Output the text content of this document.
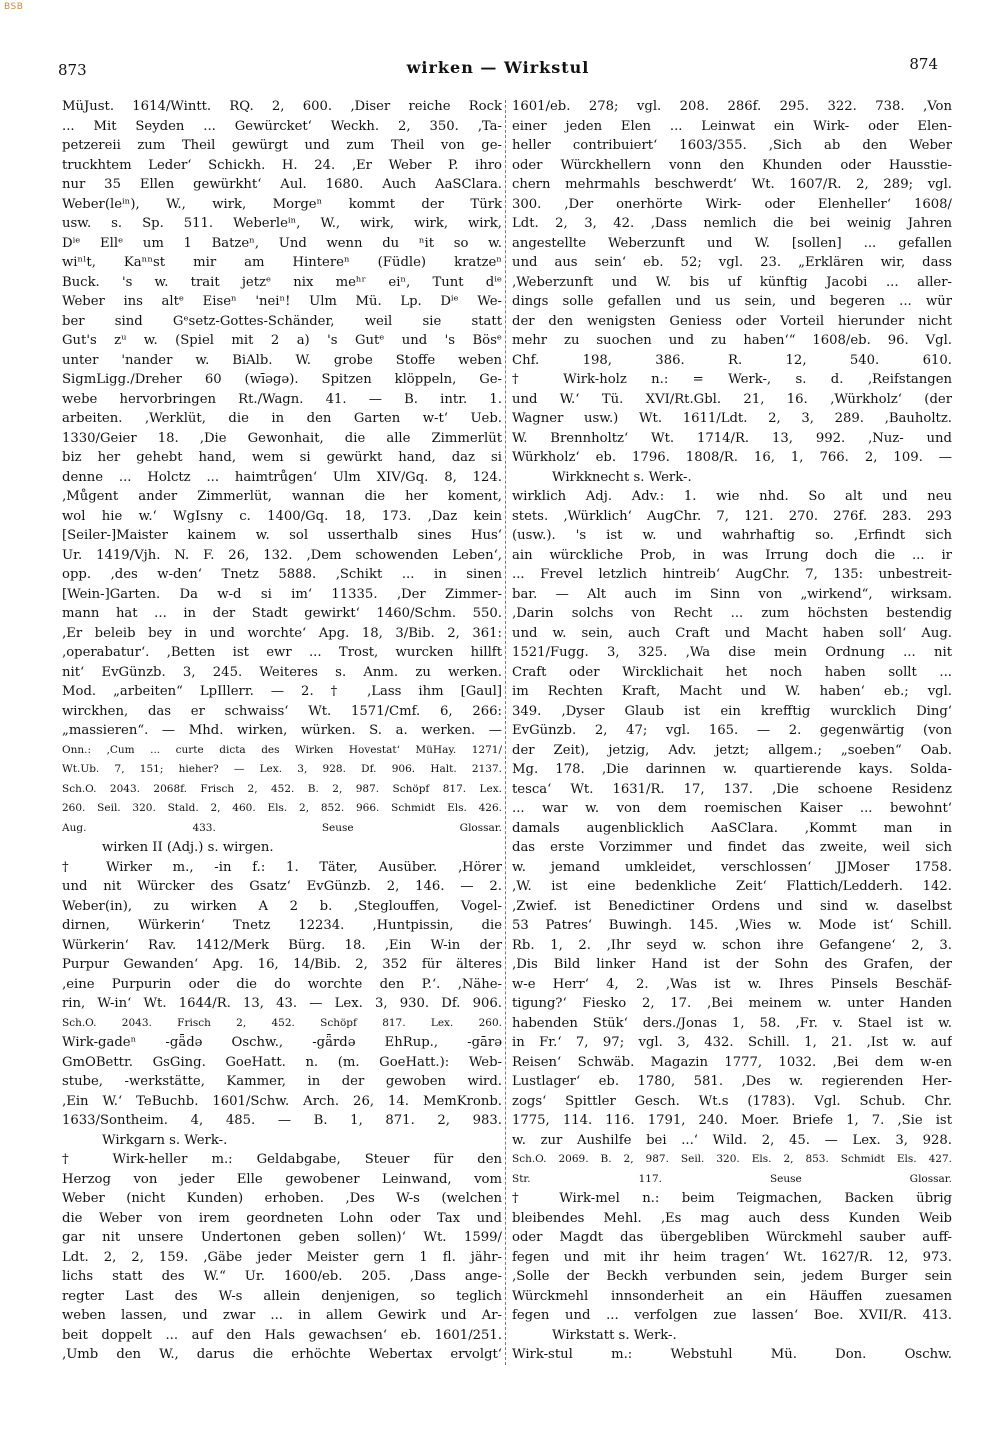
BSB
873	wirken — Wirkstul	874
MüJust. 1614/Wintt. RQ. 2, 600. ‚Diser reiche Rock
... Mit Seyden ... Gewürcket‘ Weckh. 2, 350. ‚Ta-
petzereii zum Theil gewürgt und zum Theil von ge-
truckhtem Leder‘ Schickh. H. 24. ‚Er Weber P. ihro
nur 35 Ellen gewürkht‘ Aul. 1680. Auch AaSClara.
Weber(leⁱⁿ), W., wirk, Morgeⁿ kommt der Türk
usw. s. Sp. 511. Weberleⁱⁿ, W., wirk, wirk, wirk,
Dⁱᵉ Ellᵉ um 1 Batzeⁿ, Und wenn du ⁿit so w.
wiⁿˡt, Kaⁿⁿst mir am Hintereⁿ (Füdle) kratzeⁿ
Buck. 's w. trait jetzᵉ nix meʰʳ eiⁿ, Tunt dⁱᵉ
Weber ins altᵉ Eiseⁿ 'neiⁿ! Ulm Mü. Lp. Dⁱᵉ We-
ber sind Gᵉsetz-Gottes-Schänder, weil sie statt
Gut's zᵘ w. (Spiel mit 2 a) 's Gutᵉ und 's Bösᵉ
unter 'nander w. BiAlb. W. grobe Stoffe weben
SigmLigg./Dreher 60 (wīəgə). Spitzen klöppeln, Ge-
webe hervorbringen Rt./Wagn. 41. — B. intr. 1.
arbeiten. ‚Werklüt, die in den Garten w-t‘ Ueb.
1330/Geier 18. ‚Die Gewonhait, die alle Zimmerlüt
biz her gehebt hand, wem si gewürkt hand, daz si
denne ... Holctz ... haimtrůgen‘ Ulm XIV/Gq. 8, 124.
‚Můgent ander Zimmerlüt, wannan die her koment,
wol hie w.‘ WgIsny c. 1400/Gq. 18, 173. ‚Daz kein
[Seiler-]Maister kainem w. sol usserthalb sines Hus‘
Ur. 1419/Vjh. N. F. 26, 132. ‚Dem schowenden Leben‘,
opp. ‚des w-den‘ Tnetz 5888. ‚Schikt ... in sinen
[Wein-]Garten. Da w-d si im‘ 11335. ‚Der Zimmer-
mann hat ... in der Stadt gewirkt‘ 1460/Schm. 550.
‚Er beleib bey in und worchte‘ Apg. 18, 3/Bib. 2, 361:
‚operabatur‘. ‚Betten ist ewr ... Trost, wurcken hillft
nit‘ EvGünzb. 3, 245. Weiteres s. Anm. zu werken.
Mod. „arbeiten“ LpIllerr. — 2. † ‚Lass ihm [Gaul]
wirckhen, das er schwaiss‘ Wt. 1571/Cmf. 6, 266:
„massieren“. — Mhd. wirken, würken. S. a. werken. —
Onn.: ‚Cum ... curte dicta des Wirken Hovestat‘ MüHay. 1271/
Wt.Ub. 7, 151; hieher? — Lex. 3, 928. Df. 906. Halt. 2137.
Sch.O. 2043. 2068f. Frisch 2, 452. B. 2, 987. Schöpf 817. Lex.
260. Seil. 320. Stald. 2, 460. Els. 2, 852. 966. Schmidt Els. 426.
Aug. 433. Seuse Glossar.
wirken II (Adj.) s. wirgen.
† Wirker m., -in f.: 1. Täter, Ausüber. ‚Hörer
und nit Würcker des Gsatz‘ EvGünzb. 2, 146. — 2.
Weber(in), zu wirken A 2 b. ‚Steglouffen, Vogel-
dirnen, Würkerin‘ Tnetz 12234. ‚Huntpissin, die
Würkerin‘ Rav. 1412/Merk Bürg. 18. ‚Ein W-in der
Purpur Gewanden‘ Apg. 16, 14/Bib. 2, 352 für älteres
‚eine Purpurin oder die do worchte den P.‘. ‚Nähe-
rin, W-in‘ Wt. 1644/R. 13, 43. — Lex. 3, 930. Df. 906.
Sch.O. 2043. Frisch 2, 452. Schöpf 817. Lex. 260.
Wirk-gadeⁿ -gǟdə Oschw., -gǟrdə EhRup., -gārə
GmOBettr. GsGing. GoeHatt. n. (m. GoeHatt.): Web-
stube, -werkstätte, Kammer, in der gewoben wird.
‚Ein W.‘ TeBuchb. 1601/Schw. Arch. 26, 14. MemKronb.
1633/Sontheim. 4, 485. — B. 1, 871. 2, 983.
Wirkgarn s. Werk-.
† Wirk-heller m.: Geldabgabe, Steuer für den
Herzog von jeder Elle gewobener Leinwand, vom
Weber (nicht Kunden) erhoben. ‚Des W-s (welchen
die Weber von irem geordneten Lohn oder Tax und
gar nit unsere Undertonen geben sollen)‘ Wt. 1599/
Ldt. 2, 2, 159. ‚Gäbe jeder Meister gern 1 fl. jähr-
lichs statt des W.“ Ur. 1600/eb. 205. ‚Dass ange-
regter Last des W-s allein denjenigen, so teglich
weben lassen, und zwar ... in allem Gewirk und Ar-
beit doppelt ... auf den Hals gewachsen‘ eb. 1601/251.
‚Umb den W., darus die erhöchte Webertax ervolgt‘
1601/eb. 278; vgl. 208. 286f. 295. 322. 738. ‚Von
einer jeden Elen ... Leinwat ein Wirk- oder Elen-
heller contribuiert‘ 1603/355. ‚Sich ab den Weber
oder Würckhellern vonn den Khunden oder Hausstie-
chern mehrmahls beschwerdt‘ Wt. 1607/R. 2, 289; vgl.
300. ‚Der onerhörte Wirk- oder Elenheller‘ 1608/
Ldt. 2, 3, 42. ‚Dass nemlich die bei weinig Jahren
angestellte Weberzunft und W. [sollen] ... gefallen
und aus sein‘ eb. 52; vgl. 23. „Erklären wir, dass
‚Weberzunft und W. bis uf künftig Jacobi ... aller-
dings solle gefallen und us sein, und begeren ... wür
der den wenigsten Geniess oder Vorteil hierunder nicht
mehr zu suochen und zu haben‘“ 1608/eb. 96. Vgl.
Chf. 198, 386. R. 12, 540. 610.
† Wirk-holz n.: = Werk-, s. d. ‚Reifstangen
und W.‘ Tü. XVI/Rt.Gbl. 21, 16. ‚Würkholz‘ (der
Wagner usw.) Wt. 1611/Ldt. 2, 3, 289. ‚Bauholtz.
W. Brennholtz‘ Wt. 1714/R. 13, 992. ‚Nuz- und
Würkholz‘ eb. 1796. 1808/R. 16, 1, 766. 2, 109. —
Wirkknecht s. Werk-.
wirklich Adj. Adv.: 1. wie nhd. So alt und neu
stets. ‚Würklich‘ AugChr. 7, 121. 270. 276f. 283. 293
(usw.). 's ist w. und wahrhaftig so. ‚Erfindt sich
ain würckliche Prob, in was Irrung doch die ... ir
... Frevel letzlich hintreib‘ AugChr. 7, 135: unbestreit-
bar. — Alt auch im Sinn von „wirkend“, wirksam.
‚Darin solchs von Recht ... zum höchsten bestendig
und w. sein, auch Craft und Macht haben soll‘ Aug.
1521/Fugg. 3, 325. ‚Wa dise mein Ordnung ... nit
Craft oder Wircklichait het noch haben sollt ...
im Rechten Kraft, Macht und W. haben‘ eb.; vgl.
349. ‚Dyser Glaub ist ein krefftig wurcklich Ding‘
EvGünzb. 2, 47; vgl. 165. — 2. gegenwärtig (von
der Zeit), jetzig, Adv. jetzt; allgem.; „soeben“ Oab.
Mg. 178. ‚Die darinnen w. quartierende kays. Solda-
tesca‘ Wt. 1631/R. 17, 137. ‚Die schoene Residenz
... war w. von dem roemischen Kaiser ... bewohnt‘
damals augenblicklich AaSClara. ‚Kommt man in
das erste Vorzimmer und findet das zweite, weil sich
w. jemand umkleidet, verschlossen‘ JJMoser 1758.
‚W. ist eine bedenkliche Zeit‘ Flattich/Ledderh. 142.
‚Zwief. ist Benedictiner Ordens und sind w. daselbst
53 Patres‘ Buwingh. 145. ‚Wies w. Mode ist‘ Schill.
Rb. 1, 2. ‚Ihr seyd w. schon ihre Gefangene‘ 2, 3.
‚Dis Bild linker Hand ist der Sohn des Grafen, der
w-e Herr‘ 4, 2. ‚Was ist w. Ihres Pinsels Beschäf-
tigung?‘ Fiesko 2, 17. ‚Bei meinem w. unter Handen
habenden Stük‘ ders./Jonas 1, 58. ‚Fr. v. Stael ist w.
in Fr.‘ 7, 97; vgl. 3, 432. Schill. 1, 21. ‚Ist w. auf
Reisen‘ Schwäb. Magazin 1777, 1032. ‚Bei dem w-en
Lustlager‘ eb. 1780, 581. ‚Des w. regierenden Her-
zogs‘ Spittler Gesch. Wt.s (1783). Vgl. Schub. Chr.
1775, 114. 116. 1791, 240. Moer. Briefe 1, 7. ‚Sie ist
w. zur Aushilfe bei ...‘ Wild. 2, 45. — Lex. 3, 928.
Sch.O. 2069. B. 2, 987. Seil. 320. Els. 2, 853. Schmidt Els. 427.
Str. 117. Seuse Glossar.
† Wirk-mel n.: beim Teigmachen, Backen übrig
bleibendes Mehl. ‚Es mag auch dess Kunden Weib
oder Magdt das übergebliben Würckmehl sauber auff-
fegen und mit ihr heim tragen‘ Wt. 1627/R. 12, 973.
‚Solle der Beckh verbunden sein, jedem Burger sein
Würckmehl innsonderheit an ein Häuffen zuesamen
fegen und ... verfolgen zue lassen‘ Boe. XVII/R. 413.
Wirkstatt s. Werk-.
Wirk-stul m.: Webstuhl Mü. Don. Oschw.
